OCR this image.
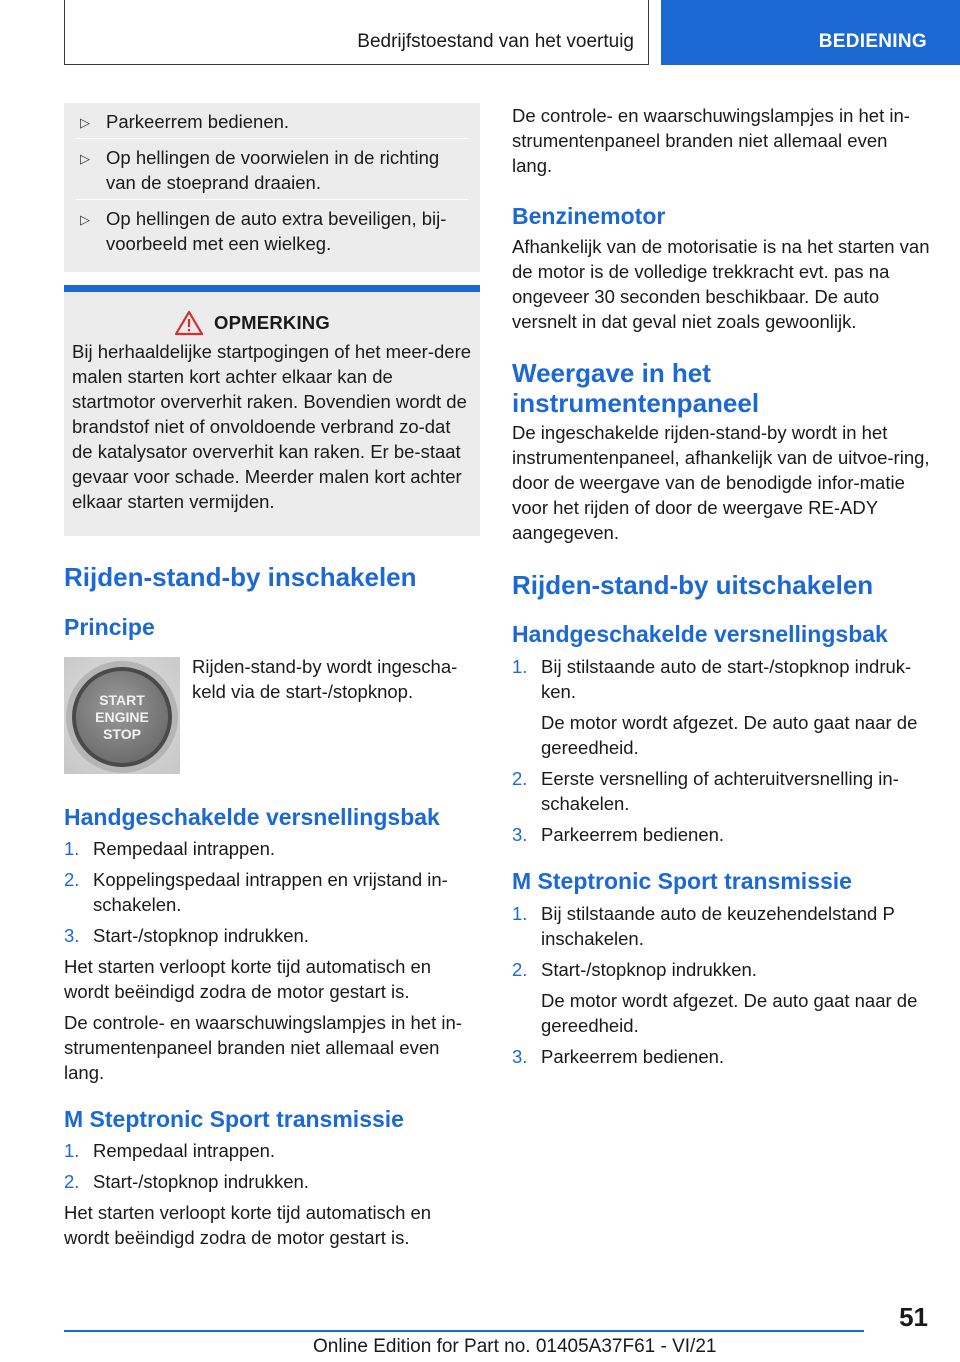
Bedrijfstoestand van het voertuig	BEDIENING
▷ Parkeerrem bedienen.
▷ Op hellingen de voorwielen in de richting van de stoeprand draaien.
▷ Op hellingen de auto extra beveiligen, bij-voorbeeld met een wielkeg.
OPMERKING

Bij herhaaldelijke startpogingen of het meer-dere malen starten kort achter elkaar kan de startmotor oververhit raken. Bovendien wordt de brandstof niet of onvoldoende verbrand zo-dat de katalysator oververhit kan raken. Er be-staat gevaar voor schade. Meerder malen kort achter elkaar starten vermijden.

Rijden-stand-by inschakelen
Principe
START
ENGINE
STOP

Rijden-stand-by wordt ingescha-keld via de start-/stopknop.

Handgeschakelde versnellingsbak
1. Rempedaal intrappen.
2. Koppelingspedaal intrappen en vrijstand in-schakelen.
3. Start-/stopknop indrukken.

Het starten verloopt korte tijd automatisch en wordt beëindigd zodra de motor gestart is.

De controle- en waarschuwingslampjes in het in-strumentenpaneel branden niet allemaal even lang.

M Steptronic Sport transmissie
1. Rempedaal intrappen.
2. Start-/stopknop indrukken.

Het starten verloopt korte tijd automatisch en wordt beëindigd zodra de motor gestart is.

De controle- en waarschuwingslampjes in het in-strumentenpaneel branden niet allemaal even lang.

Benzinemotor

Afhankelijk van de motorisatie is na het starten van de motor is de volledige trekkracht evt. pas na ongeveer 30 seconden beschikbaar. De auto versnelt in dat geval niet zoals gewoonlijk.

Weergave in het instrumentenpaneel

De ingeschakelde rijden-stand-by wordt in het instrumentenpaneel, afhankelijk van de uitvoe-ring, door de weergave van de benodigde infor-matie voor het rijden of door de weergave RE-ADY aangegeven.

Rijden-stand-by uitschakelen
Handgeschakelde versnellingsbak
1. Bij stilstaande auto de start-/stopknop indruk-ken.

De motor wordt afgezet. De auto gaat naar de gereedheid.

2. Eerste versnelling of achteruitversnelling in-schakelen.
3. Parkeerrem bedienen.
M Steptronic Sport transmissie
1. Bij stilstaande auto de keuzehendelstand P inschakelen.
2. Start-/stopknop indrukken.

De motor wordt afgezet. De auto gaat naar de gereedheid.

3. Parkeerrem bedienen.
51
Online Edition for Part no. 01405A37F61 - VI/21
